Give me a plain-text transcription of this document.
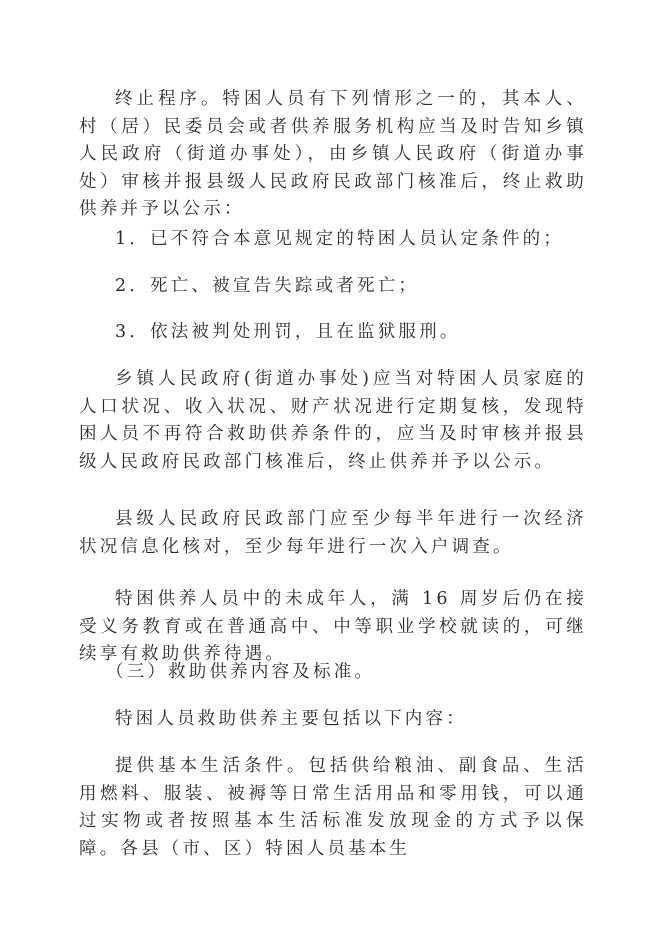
终止程序。特困人员有下列情形之一的，其本人、村（居）民委员会或者供养服务机构应当及时告知乡镇人民政府（街道办事处），由乡镇人民政府（街道办事处）审核并报县级人民政府民政部门核准后，终止救助供养并予以公示：

1．已不符合本意见规定的特困人员认定条件的；

2．死亡、被宣告失踪或者死亡；

3．依法被判处刑罚，且在监狱服刑。

乡镇人民政府(街道办事处)应当对特困人员家庭的人口状况、收入状况、财产状况进行定期复核，发现特困人员不再符合救助供养条件的，应当及时审核并报县级人民政府民政部门核准后，终止供养并予以公示。

县级人民政府民政部门应至少每半年进行一次经济状况信息化核对，至少每年进行一次入户调查。

特困供养人员中的未成年人，满 16 周岁后仍在接受义务教育或在普通高中、中等职业学校就读的，可继续享有救助供养待遇。

（三）救助供养内容及标准。

特困人员救助供养主要包括以下内容：

提供基本生活条件。包括供给粮油、副食品、生活用燃料、服装、被褥等日常生活用品和零用钱，可以通过实物或者按照基本生活标准发放现金的方式予以保障。各县（市、区）特困人员基本生
